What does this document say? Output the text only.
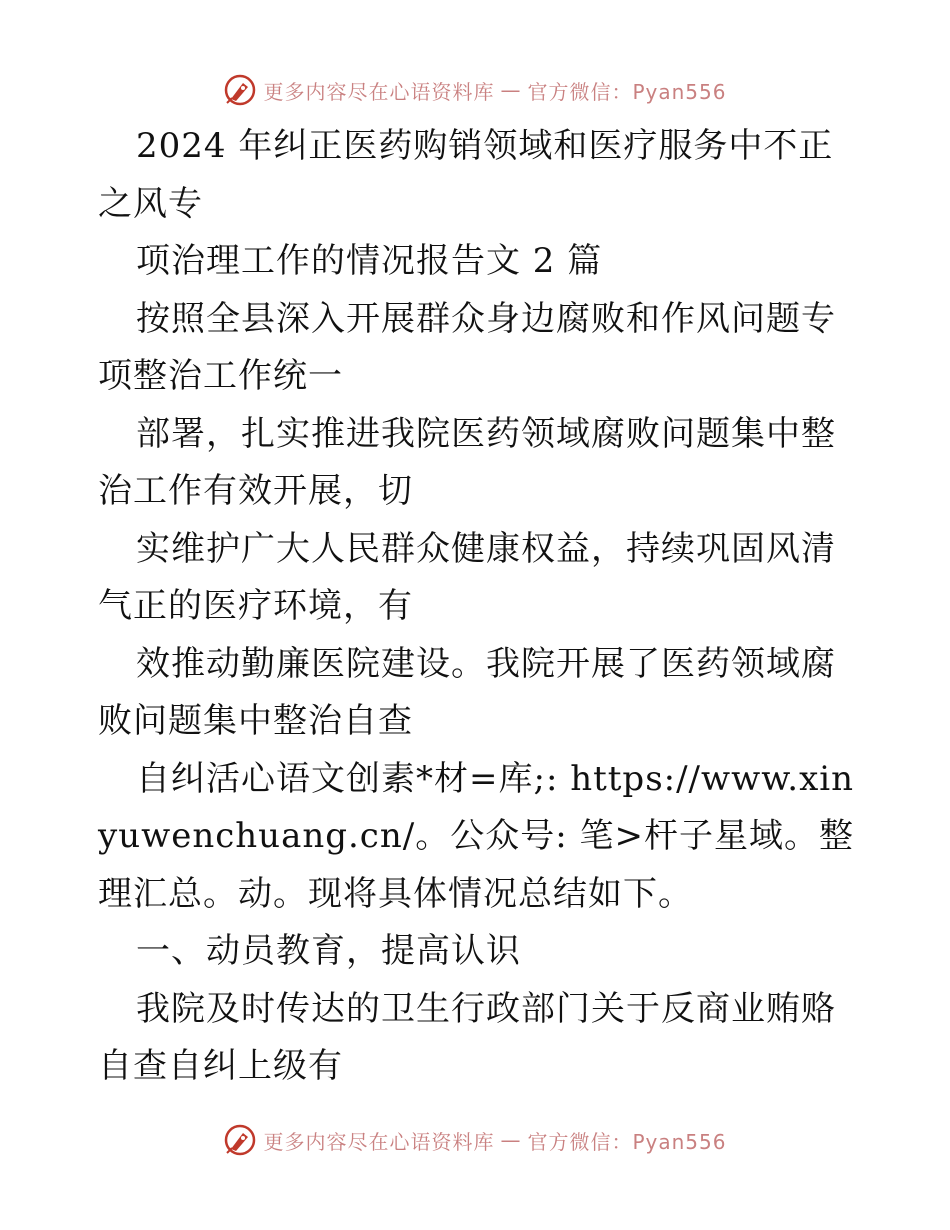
更多内容尽在心语资料库 — 官方微信：Pyan556

2024 年纠正医药购销领域和医疗服务中不正之风专

项治理工作的情况报告文 2 篇

按照全县深入开展群众身边腐败和作风问题专项整治工作统一

部署，扎实推进我院医药领域腐败问题集中整治工作有效开展，切

实维护广大人民群众健康权益，持续巩固风清气正的医疗环境，有

效推动勤廉医院建设。我院开展了医药领域腐败问题集中整治自查

自纠活心语文创素*材=库;: https://www.xinyuwenchuang.cn/。公众号: 笔>杆子星域。整理汇总。动。现将具体情况总结如下。

一、动员教育，提高认识

我院及时传达的卫生行政部门关于反商业贿赂自查自纠上级有

更多内容尽在心语资料库 — 官方微信：Pyan556
